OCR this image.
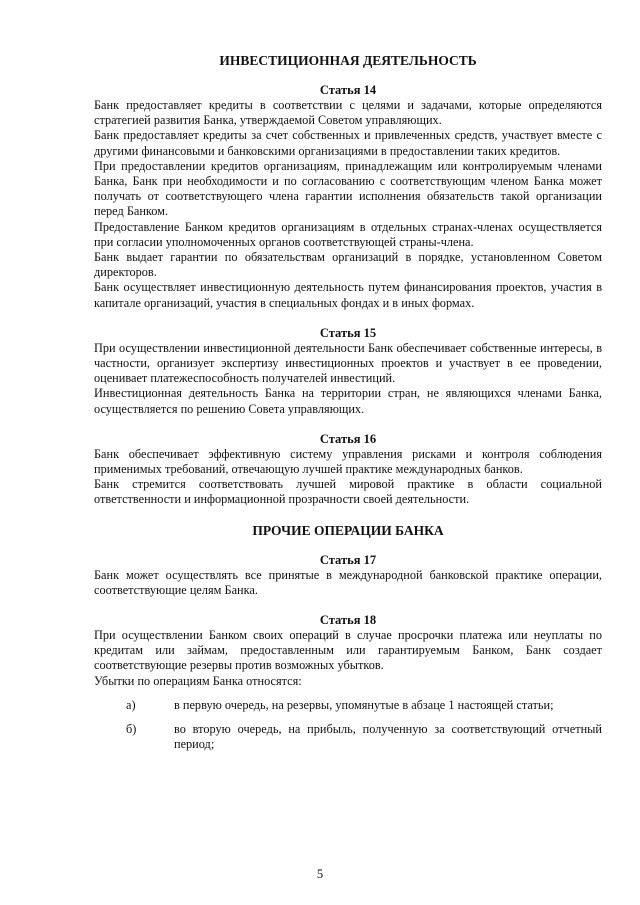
ИНВЕСТИЦИОННАЯ ДЕЯТЕЛЬНОСТЬ
Статья 14

Банк предоставляет кредиты в соответствии с целями и задачами, которые определяются стратегией развития Банка, утверждаемой Советом управляющих.

Банк предоставляет кредиты за счет собственных и привлеченных средств, участвует вместе с другими финансовыми и банковскими организациями в предоставлении таких кредитов.

При предоставлении кредитов организациям, принадлежащим или контролируемым членами Банка, Банк при необходимости и по согласованию с соответствующим членом Банка может получать от соответствующего члена гарантии исполнения обязательств такой организации перед Банком.

Предоставление Банком кредитов организациям в отдельных странах-членах осуществляется при согласии уполномоченных органов соответствующей страны-члена.

Банк выдает гарантии по обязательствам организаций в порядке, установленном Советом директоров.

Банк осуществляет инвестиционную деятельность путем финансирования проектов, участия в капитале организаций, участия в специальных фондах и в иных формах.

Статья 15

При осуществлении инвестиционной деятельности Банк обеспечивает собственные интересы, в частности, организует экспертизу инвестиционных проектов и участвует в ее проведении, оценивает платежеспособность получателей инвестиций.

Инвестиционная деятельность Банка на территории стран, не являющихся членами Банка, осуществляется по решению Совета управляющих.

Статья 16

Банк обеспечивает эффективную систему управления рисками и контроля соблюдения применимых требований, отвечающую лучшей практике международных банков.

Банк стремится соответствовать лучшей мировой практике в области социальной ответственности и информационной прозрачности своей деятельности.

ПРОЧИЕ ОПЕРАЦИИ БАНКА
Статья 17

Банк может осуществлять все принятые в международной банковской практике операции, соответствующие целям Банка.

Статья 18

При осуществлении Банком своих операций в случае просрочки платежа или неуплаты по кредитам или займам, предоставленным или гарантируемым Банком, Банк создает соответствующие резервы против возможных убытков.

Убытки по операциям Банка относятся:

а)	в первую очередь, на резервы, упомянутые в абзаце 1 настоящей статьи;
б)	во вторую очередь, на прибыль, полученную за соответствующий отчетный период;
5
